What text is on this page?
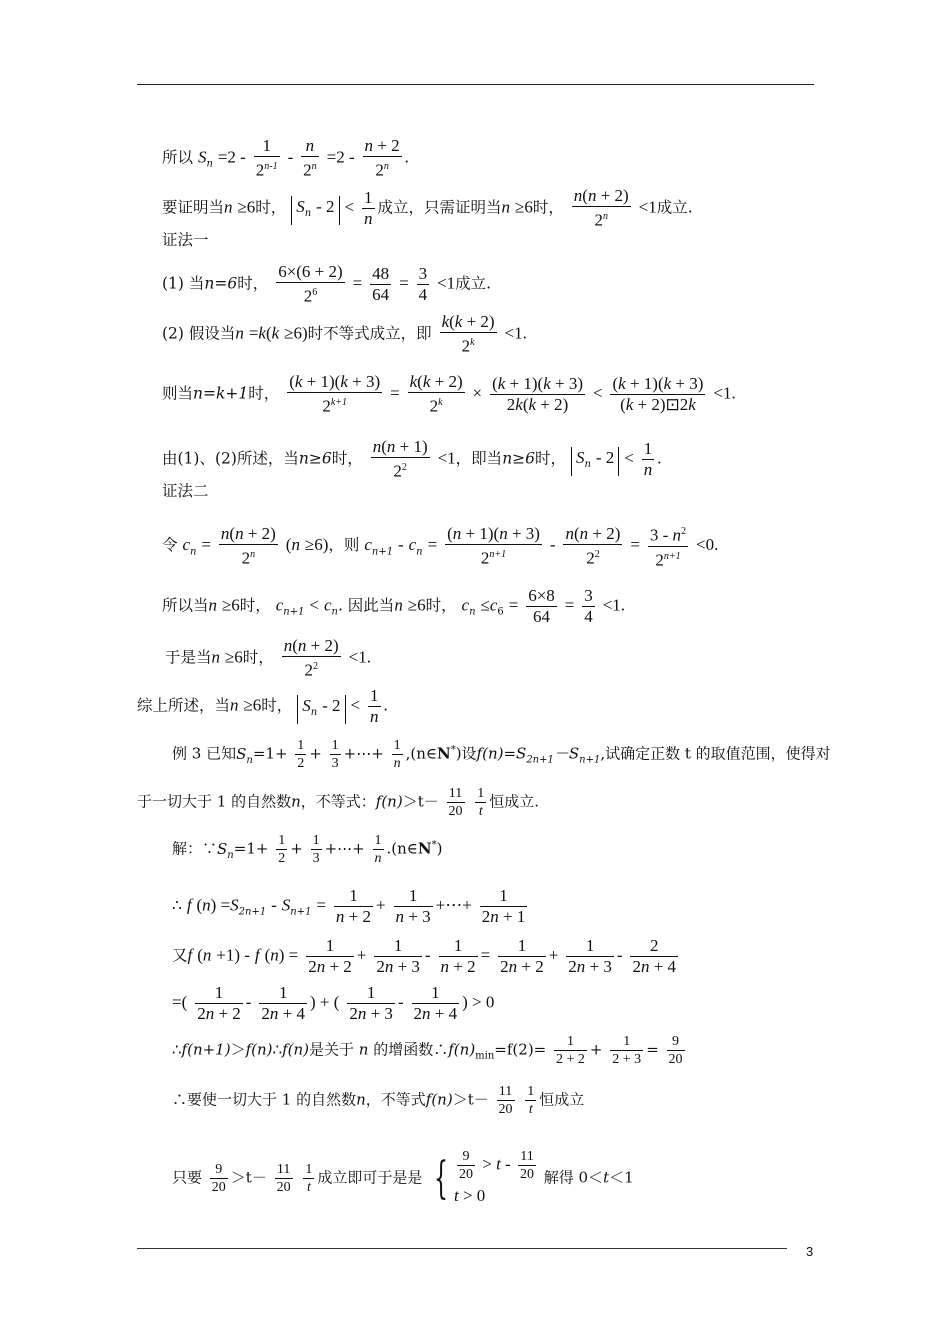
所以 $S_n =2 - \frac{1}{2^{n-1}} - \frac{n}{2^n} =2 - \frac{n + 2}{2^n}$ .
要证明当n ≥6时， $S_n - 2 < \frac{1}{n}$ 成立，只需证明当n ≥6时， $\frac{n(n + 2)}{2^n} <1$成立.
证法一
(1) 当n=6时， $\frac{6\times(6 + 2)}{2^6} = \frac{48}{64} = \frac{3}{4} <1$成立.
(2) 假设当n =k(k ≥6)时不等式成立，即 $\frac{k(k + 2)}{2^k} <1$.
则当n=k+1时， $\frac{(k + 1)(k + 3)}{2^{k+1}} = \frac{k(k + 2)}{2^k} \times \frac{(k + 1)(k + 3)}{2k(k + 2)} < \frac{(k + 1)(k + 3)}{(k + 2)⊡2k} <1$.
由(1)、(2)所述，当n≥6时， $\frac{n(n + 1)}{2^2} <1$，即当n≥6时， $S_n - 2 < \frac{1}{n}$ .
证法二
令 $c_n = \frac{n(n + 2)}{2^n} (n \ge 6)$，则 $c_{n+1} - c_n = \frac{(n + 1)(n + 3)}{2^{n+1}} - \frac{n(n + 2)}{2^2} = \frac{3 - n^2}{2^{n+1}} <0$.
所以当n ≥6时， $c_{n+1} < c_n$. 因此当n ≥6时， $c_n \le c_6 = \frac{6\times 8}{64} = \frac{3}{4} <1$.
于是当n ≥6时， $\frac{n(n + 2)}{2^2} <1$.
综上所述，当n ≥6时， $S_n - 2 < \frac{1}{n}$ .
例 3 已知$S_n=1+ \frac{1}{2} + \frac{1}{3}$ +⋯+ $\frac{1}{n}$ ,(n∈N*)设$f(n)=S_{2n+1}-S_{n+1}$,试确定正数 t 的取值范围，使得对
于一切大于 1 的自然数n，不等式：$f(n)>t- \frac{11}{20}$
$\frac{1}{t}$ 恒成立.
解：$\because S_n=1+ \frac{1}{2} + \frac{1}{3}$ +⋯+ $\frac{1}{n}$ .(n∈N*)
∴ f $(n) =S_{2n+1} - S_{n+1} = \frac{1}{n + 2} + \frac{1}{n + 3}$ +⋯+ $\frac{1}{2n + 1}$
又f (n +1) - f $(n) = \frac{1}{2n + 2} + \frac{1}{2n + 3} - \frac{1}{n + 2} = \frac{1}{2n + 2} + \frac{1}{2n + 3} - \frac{2}{2n + 4}$
=( $\frac{1}{2n + 2} - \frac{1}{2n + 4}$ ) + ( $\frac{1}{2n + 3} - \frac{1}{2n + 4}$ ) > 0
∴f(n+1)＞f(n)∴f(n)是关于 n 的增函数$\therefore f(n)_{min}=f(2)= \frac{1}{2 + 2} + \frac{1}{2 + 3} = \frac{9}{20}$
∴要使一切大于 1 的自然数n，不等式$f(n)>t- \frac{11}{20}$
$\frac{1}{t}$ 恒成立
只要 $\frac{9}{20} >t- \frac{11}{20}$
$\frac{1}{t}$ 成立即可于是是 { $\frac{9}{20} > t - \frac{11}{20}$
t > 0
解得 0＜t＜1
3
